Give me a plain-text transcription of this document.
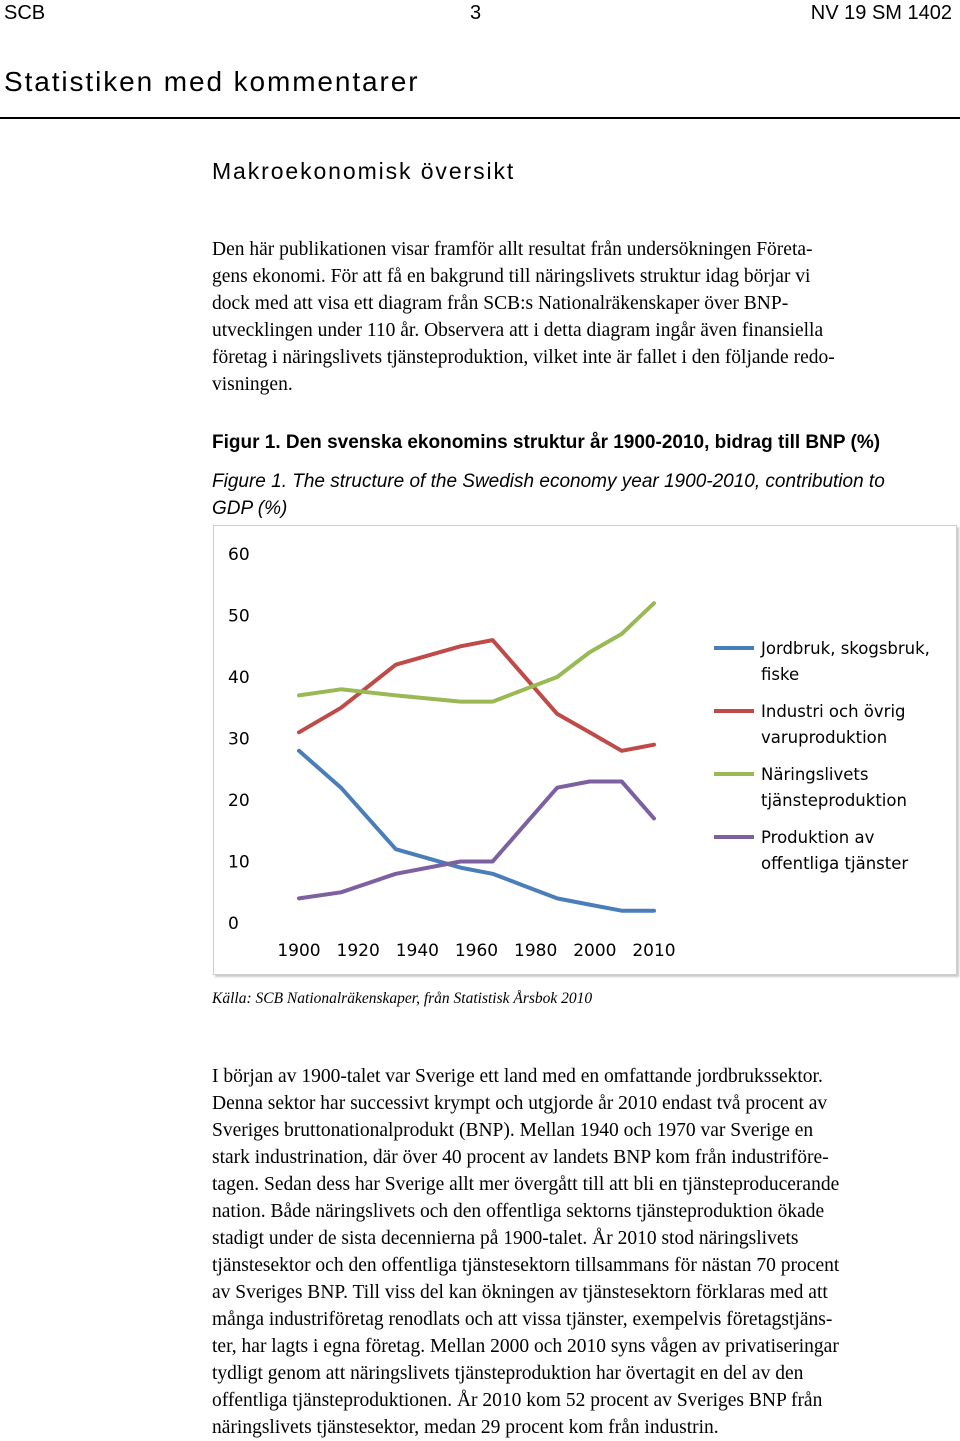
SCB	3	NV 19 SM 1402
Statistiken med kommentarer
Makroekonomisk översikt

Den här publikationen visar framför allt resultat från undersökningen Företa-
gens ekonomi. För att få en bakgrund till näringslivets struktur idag börjar vi
dock med att visa ett diagram från SCB:s Nationalräkenskaper över BNP-
utvecklingen under 110 år. Observera att i detta diagram ingår även finansiella
företag i näringslivets tjänsteproduktion, vilket inte är fallet i den följande redo-
visningen.

Figur 1. Den svenska ekonomins struktur år 1900-2010, bidrag till BNP (%)
Figure 1. The structure of the Swedish economy year 1900-2010, contribution to
GDP (%)
0
10
20
30
40
50
60
1900 1920 1940 1960 1980 2000 2010
Jordbruk, skogsbruk,
fiske
Industri och övrig
varuproduktion
Näringslivets
tjänsteproduktion
Produktion av
offentliga tjänster
Källa: SCB Nationalräkenskaper, från Statistisk Årsbok 2010

I början av 1900-talet var Sverige ett land med en omfattande jordbrukssektor.
Denna sektor har successivt krympt och utgjorde år 2010 endast två procent av
Sveriges bruttonationalprodukt (BNP). Mellan 1940 och 1970 var Sverige en
stark industrination, där över 40 procent av landets BNP kom från industriföre-
tagen. Sedan dess har Sverige allt mer övergått till att bli en tjänsteproducerande
nation. Både näringslivets och den offentliga sektorns tjänsteproduktion ökade
stadigt under de sista decennierna på 1900-talet. År 2010 stod näringslivets
tjänstesektor och den offentliga tjänstesektorn tillsammans för nästan 70 procent
av Sveriges BNP. Till viss del kan ökningen av tjänstesektorn förklaras med att
många industriföretag renodlats och att vissa tjänster, exempelvis företagstjäns-
ter, har lagts i egna företag. Mellan 2000 och 2010 syns vågen av privatiseringar
tydligt genom att näringslivets tjänsteproduktion har övertagit en del av den
offentliga tjänsteproduktionen. År 2010 kom 52 procent av Sveriges BNP från
näringslivets tjänstesektor, medan 29 procent kom från industrin.
